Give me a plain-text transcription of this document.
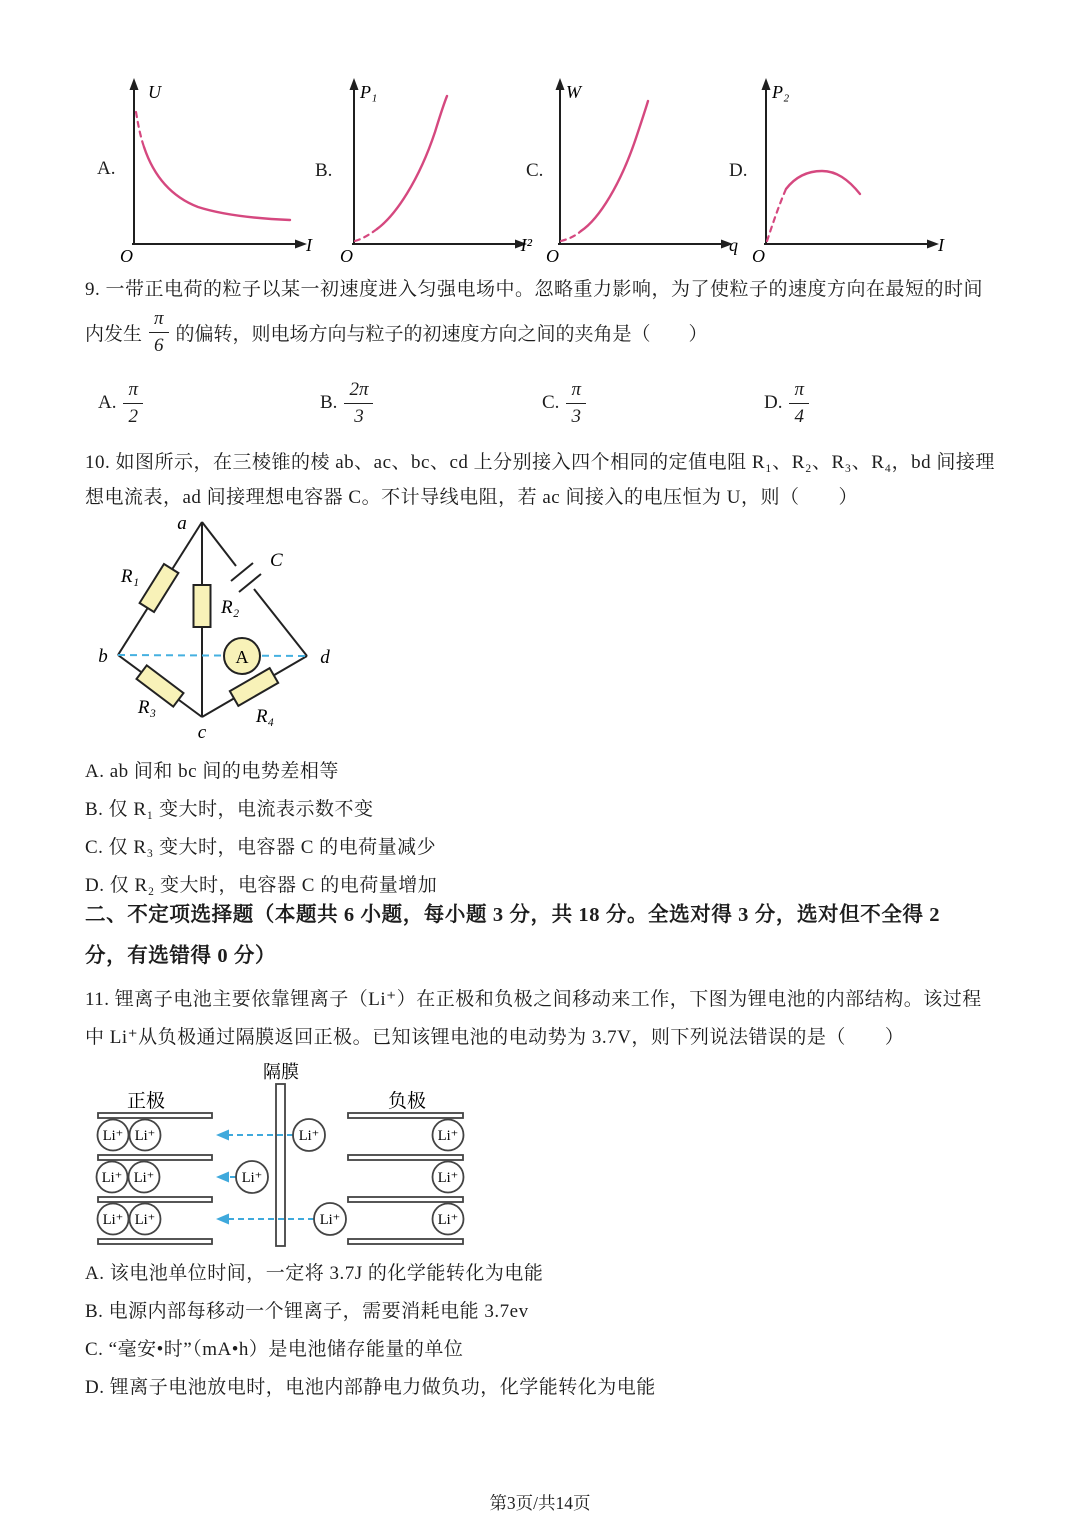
A.	B.	C.	D.
U
I
O
P₁
I²
O
W
q
O
P₂
I
O
9. 一带正电荷的粒子以某一初速度进入匀强电场中。忽略重力影响，为了使粒子的速度方向在最短的时间
内发生 $\frac{\pi}{6}$ 的偏转，则电场方向与粒子的初速度方向之间的夹角是（　　）
A. $\frac{\pi}{2}$	B. $\frac{2\pi}{3}$	C. $\frac{\pi}{3}$	D. $\frac{\pi}{4}$
10. 如图所示，在三棱锥的棱 ab、ac、bc、cd 上分别接入四个相同的定值电阻 R₁、R₂、R₃、R₄，bd 间接理
想电流表，ad 间接理想电容器 C。不计导线电阻，若 ac 间接入的电压恒为 U，则（　　）
A
a
b
c
d
R₁
R₂
R₃	R₄
C
A. ab 间和 bc 间的电势差相等
B. 仅 R₁ 变大时，电流表示数不变
C. 仅 R₃ 变大时，电容器 C 的电荷量减少
D. 仅 R₂ 变大时，电容器 C 的电荷量增加
二、不定项选择题（本题共 6 小题，每小题 3 分，共 18 分。全选对得 3 分，选对但不全得 2
分，有选错得 0 分）
11. 锂离子电池主要依靠锂离子（Li⁺）在正极和负极之间移动来工作，下图为锂电池的内部结构。该过程
中 Li⁺从负极通过隔膜返回正极。已知该锂电池的电动势为 3.7V，则下列说法错误的是（　　）
隔膜
正极	负极
Li⁺ Li⁺
Li⁺ Li⁺
Li⁺ Li⁺
Li⁺
Li⁺
Li⁺
Li⁺
Li⁺
Li⁺
A. 该电池单位时间，一定将 3.7J 的化学能转化为电能
B. 电源内部每移动一个锂离子，需要消耗电能 3.7ev
C. “毫安•时”（mA•h）是电池储存能量的单位
D. 锂离子电池放电时，电池内部静电力做负功，化学能转化为电能
第3页/共14页
